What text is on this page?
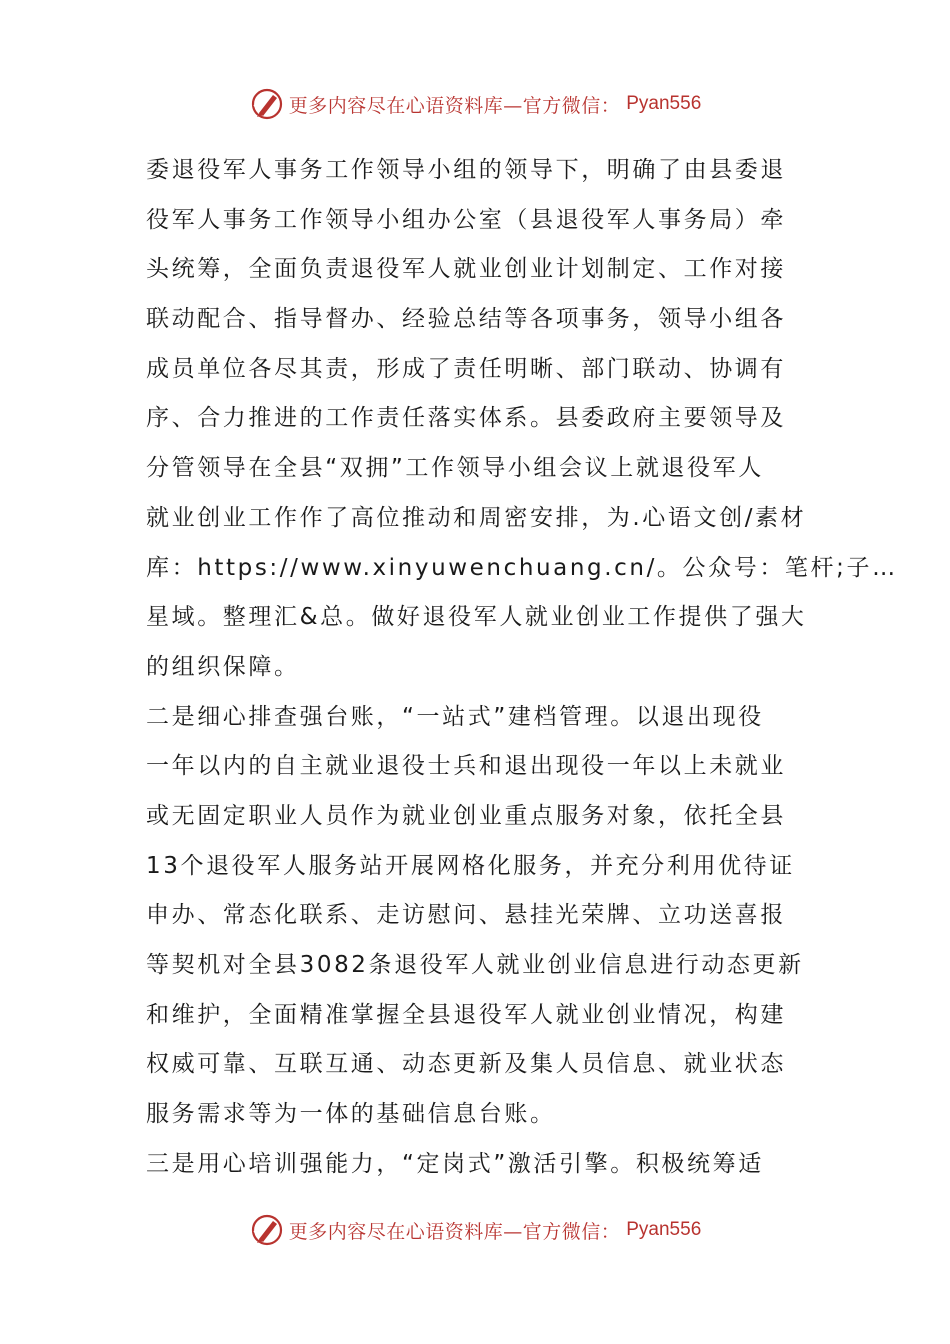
更多内容尽在心语资料库—官方微信： Pyan556
委退役军人事务工作领导小组的领导下，明确了由县委退
役军人事务工作领导小组办公室（县退役军人事务局）牵
头统筹，全面负责退役军人就业创业计划制定、工作对接
联动配合、指导督办、经验总结等各项事务，领导小组各
成员单位各尽其责，形成了责任明晰、部门联动、协调有
序、合力推进的工作责任落实体系。县委政府主要领导及
分管领导在全县“双拥”工作领导小组会议上就退役军人
就业创业工作作了高位推动和周密安排，为.心语文创/素材
库：https://www.xinyuwenchuang.cn/。公众号：笔杆;子…
星域。整理汇&总。做好退役军人就业创业工作提供了强大
的组织保障。
二是细心排查强台账，“一站式”建档管理。以退出现役
一年以内的自主就业退役士兵和退出现役一年以上未就业
或无固定职业人员作为就业创业重点服务对象，依托全县
13个退役军人服务站开展网格化服务，并充分利用优待证
申办、常态化联系、走访慰问、悬挂光荣牌、立功送喜报
等契机对全县3082条退役军人就业创业信息进行动态更新
和维护，全面精准掌握全县退役军人就业创业情况，构建
权威可靠、互联互通、动态更新及集人员信息、就业状态
服务需求等为一体的基础信息台账。
三是用心培训强能力，“定岗式”激活引擎。积极统筹适
更多内容尽在心语资料库—官方微信： Pyan556
